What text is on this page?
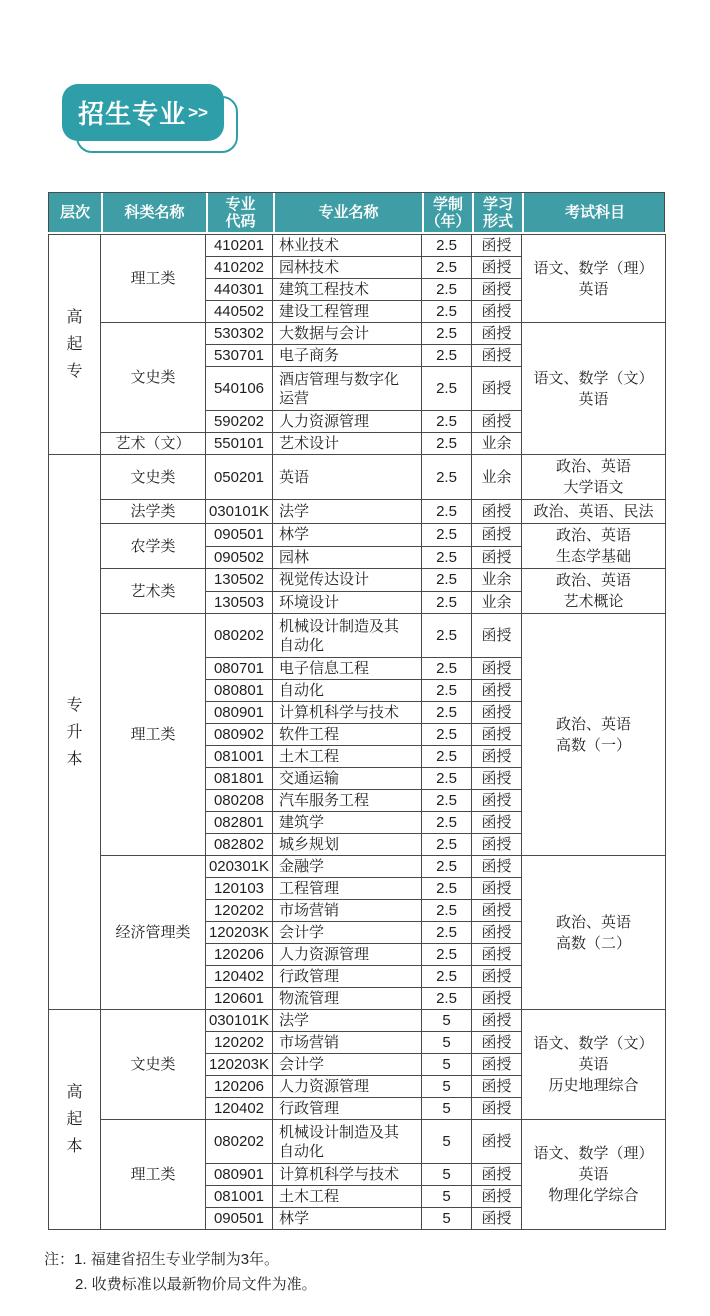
招生专业 >>
层次	科类名称	专业
代码	专业名称	学制
（年）
学习
形式	考试科目
高
起
专	理工类	410201	林业技术	2.5	函授	语文、数学（理）
英语
		410202	园林技术	2.5	函授	
		440301	建筑工程技术	2.5	函授	
		440502	建设工程管理	2.5	函授	
	文史类	530302	大数据与会计	2.5	函授	语文、数学（文）
英语
		530701	电子商务	2.5	函授	
		540106	酒店管理与数字化
运营	2.5	函授	
		590202	人力资源管理	2.5	函授	
	艺术（文）	550101	艺术设计	2.5	业余	
专
升
本	文史类	050201	英语	2.5	业余	政治、英语
大学语文
	法学类	030101K	法学	2.5	函授	政治、英语、民法
	农学类	090501	林学	2.5	函授	政治、英语
生态学基础
		090502	园林	2.5	函授	
	艺术类	130502	视觉传达设计	2.5	业余	政治、英语
艺术概论
		130503	环境设计	2.5	业余	
	理工类	080202	机械设计制造及其
自动化	2.5	函授	政治、英语
高数（一）
		080701	电子信息工程	2.5	函授	
		080801	自动化	2.5	函授	
		080901	计算机科学与技术	2.5	函授	
		080902	软件工程	2.5	函授	
		081001	土木工程	2.5	函授	
		081801	交通运输	2.5	函授	
		080208	汽车服务工程	2.5	函授	
		082801	建筑学	2.5	函授	
		082802	城乡规划	2.5	函授	
	经济管理类	020301K	金融学	2.5	函授	政治、英语
高数（二）
		120103	工程管理	2.5	函授	
		120202	市场营销	2.5	函授	
		120203K	会计学	2.5	函授	
		120206	人力资源管理	2.5	函授	
		120402	行政管理	2.5	函授	
		120601	物流管理	2.5	函授	
高
起
本	文史类	030101K	法学	5	函授	语文、数学（文）
英语
历史地理综合
		120202	市场营销	5	函授	
		120203K	会计学	5	函授	
		120206	人力资源管理	5	函授	
		120402	行政管理	5	函授	
	理工类	080202	机械设计制造及其
自动化	5	函授	语文、数学（理）
英语
物理化学综合
		080901	计算机科学与技术	5	函授	
		081001	土木工程	5	函授	
		090501	林学	5	函授	
注： 1. 福建省招生专业学制为3年。
2. 收费标准以最新物价局文件为准。
